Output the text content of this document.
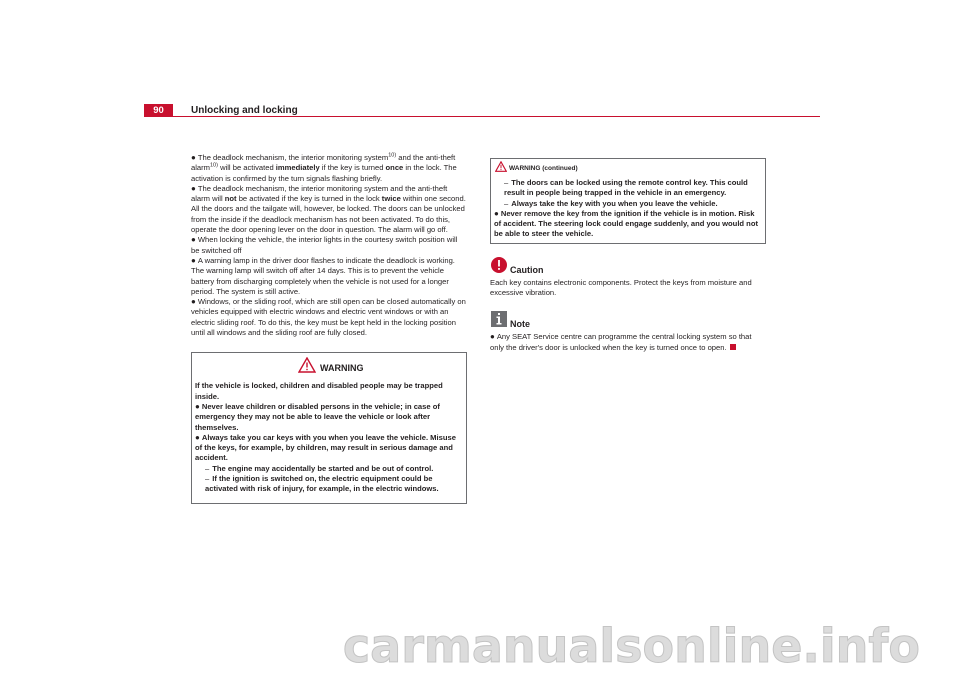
90	Unlocking and locking

● The deadlock mechanism, the interior monitoring system$^{10)}$ and the anti-theft alarm$^{10)}$ will be activated immediately if the key is turned once in the lock. The activation is confirmed by the turn signals flashing briefly.

● The deadlock mechanism, the interior monitoring system and the anti-theft alarm will not be activated if the key is turned in the lock twice within one second. All the doors and the tailgate will, however, be locked. The doors can be unlocked from the inside if the deadlock mechanism has not been activated. To do this, operate the door opening lever on the door in question. The alarm will go off.

● When locking the vehicle, the interior lights in the courtesy switch position will be switched off

● A warning lamp in the driver door flashes to indicate the deadlock is working. The warning lamp will switch off after 14 days. This is to prevent the vehicle battery from discharging completely when the vehicle is not used for a longer period. The system is still active.

● Windows, or the sliding roof, which are still open can be closed automatically on vehicles equipped with electric windows and electric vent windows or with an electric sliding roof. To do this, the key must be kept held in the locking position until all windows and the sliding roof are fully closed.

WARNING

If the vehicle is locked, children and disabled people may be trapped inside.

● Never leave children or disabled persons in the vehicle; in case of emergency they may not be able to leave the vehicle or look after themselves.

● Always take you car keys with you when you leave the vehicle. Misuse of the keys, for example, by children, may result in serious damage and accident.

– The engine may accidentally be started and be out of control.

– If the ignition is switched on, the electric equipment could be activated with risk of injury, for example, in the electric windows.

WARNING (continued)

– The doors can be locked using the remote control key. This could result in people being trapped in the vehicle in an emergency.

– Always take the key with you when you leave the vehicle.

● Never remove the key from the ignition if the vehicle is in motion. Risk of accident. The steering lock could engage suddenly, and you would not be able to steer the vehicle.

Caution

Each key contains electronic components. Protect the keys from moisture and excessive vibration.

Note

● Any SEAT Service centre can programme the central locking system so that only the driver's door is unlocked when the key is turned once to open.

carmanualsonline.info
